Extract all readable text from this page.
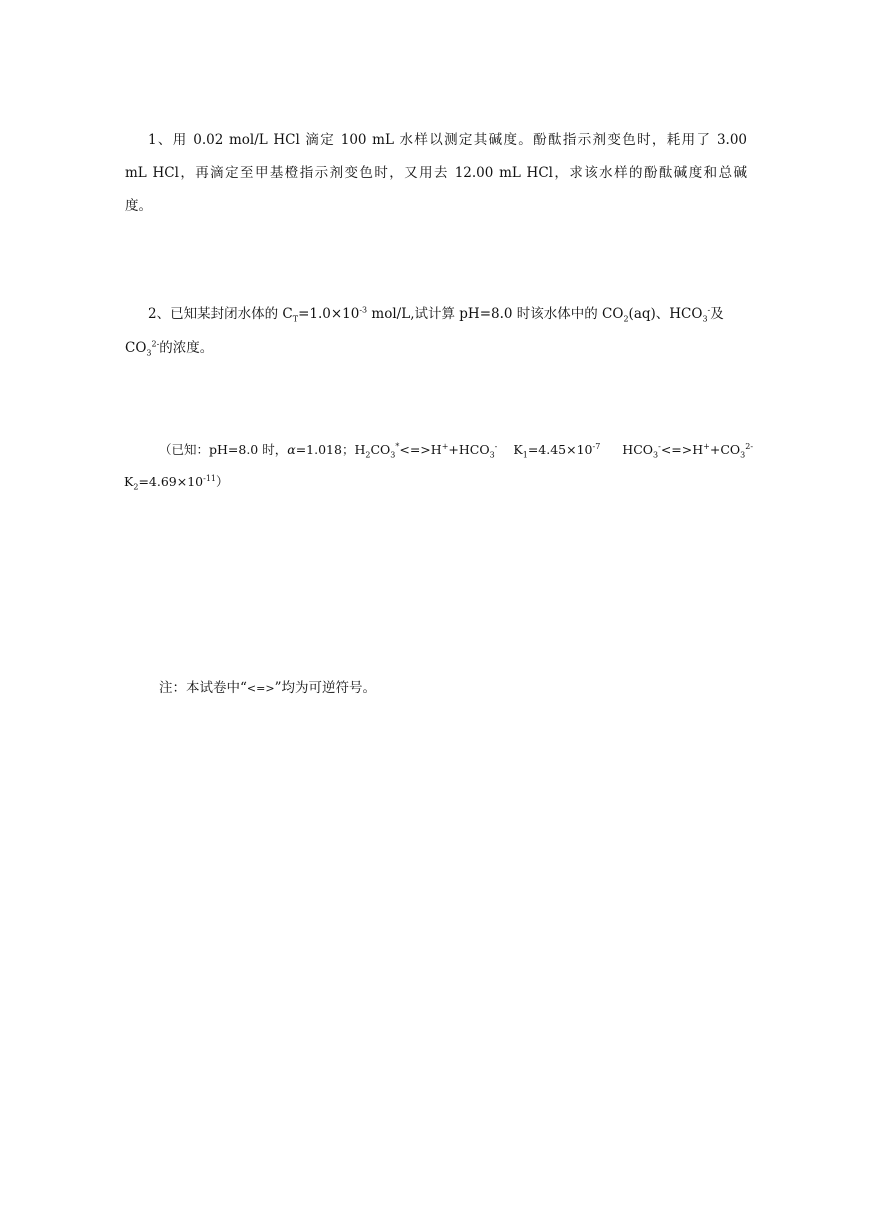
1、用 0.02 mol/L HCl 滴定 100 mL 水样以测定其碱度。酚酞指示剂变色时，耗用了 3.00
mL HCl，再滴定至甲基橙指示剂变色时，又用去 12.00 mL HCl，求该水样的酚酞碱度和总碱
度。
2、已知某封闭水体的 $C_T=1.0\times 10^{-3}$ mol/L,试计算 pH=8.0 时该水体中的 $CO_2(aq)$、$HCO_3^-$及
$CO_3^{2-}$的浓度。
（已知：pH=8.0 时，α=1.018；$H_2CO_3^*<=>H^++HCO_3^-$ $K_1=4.45\times 10^{-7}$ $HCO_3^-<=>H^++CO_3^{2-}$
$K_2=4.69\times 10^{-11}$）
注：本试卷中“<=>”均为可逆符号。
